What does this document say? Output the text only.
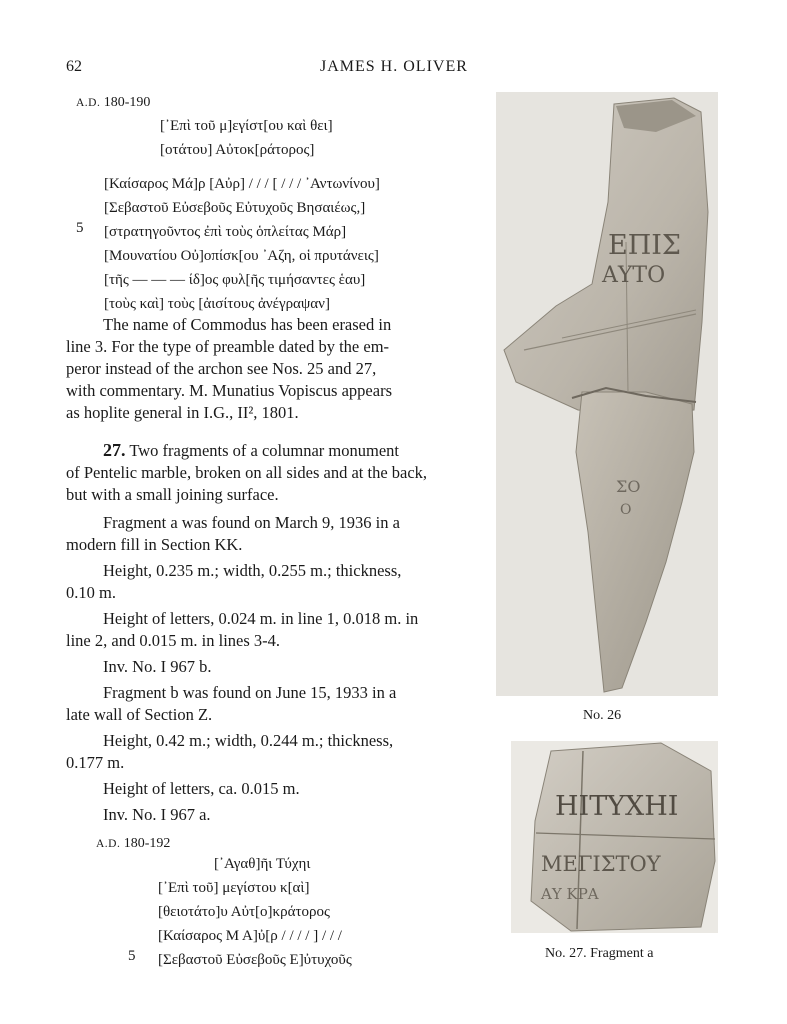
62	JAMES H. OLIVER
A.D. 180-190
[᾿Επὶ τοῦ μ]εγίστ[ου καὶ θει]
[οτάτου] Αὐτοκ[ράτορος]
[Καίσαρος Μά]ρ [Αὐρ] / / / [ / / / ᾿Αντωνίνου]
[Σεβαστοῦ Εὐσεβοῦς Εὐτυχοῦς Βησαιέως,]
[στρατηγοῦντος ἐπὶ τοὺς ὁπλείτας Μάρ]
[Μουνατίου Οὐ]οπίσκ[ου ᾿Αζη, οἱ πρυτάνεις]
[τῆς — — — ίδ]ος φυλ[ῆς τιμήσαντες ἑαυ]
[τοὺς καὶ] τοὺς [ἀισίτους ἀνέγραψαν]
5

The name of Commodus has been erased in

line 3. For the type of preamble dated by the em-

peror instead of the archon see Nos. 25 and 27,

with commentary. M. Munatius Vopiscus appears

as hoplite general in I.G., II², 1801.

27. Two fragments of a columnar monument

of Pentelic marble, broken on all sides and at the back,

but with a small joining surface.

Fragment a was found on March 9, 1936 in a

modern fill in Section KK.

Height, 0.235 m.; width, 0.255 m.; thickness,

0.10 m.

Height of letters, 0.024 m. in line 1, 0.018 m. in

line 2, and 0.015 m. in lines 3-4.

Inv. No. I 967 b.

Fragment b was found on June 15, 1933 in a

late wall of Section Z.

Height, 0.42 m.; width, 0.244 m.; thickness,

0.177 m.

Height of letters, ca. 0.015 m.

Inv. No. I 967 a.

A.D. 180-192
[᾿Αγαθ]ῆι Τύχηι
[᾿Επὶ τοῦ] μεγίστου κ[αὶ]
[θειοτάτο]υ Αὐτ[ο]κράτορος
[Καίσαρος Μ Α]ὐ[ρ / / / / ] / / /
[Σεβαστοῦ Εὐσεβοῦς Ε]ὐτυχοῦς
5
ΕΠΙΣ
ΑΥΤΟ
ΣΟ
Ο
No. 26
ΗΙΤΥΧΗΙ
ΜΕΓΙΣΤΟΥ
ΑΥ ΚΡΑ
No. 27. Fragment a
